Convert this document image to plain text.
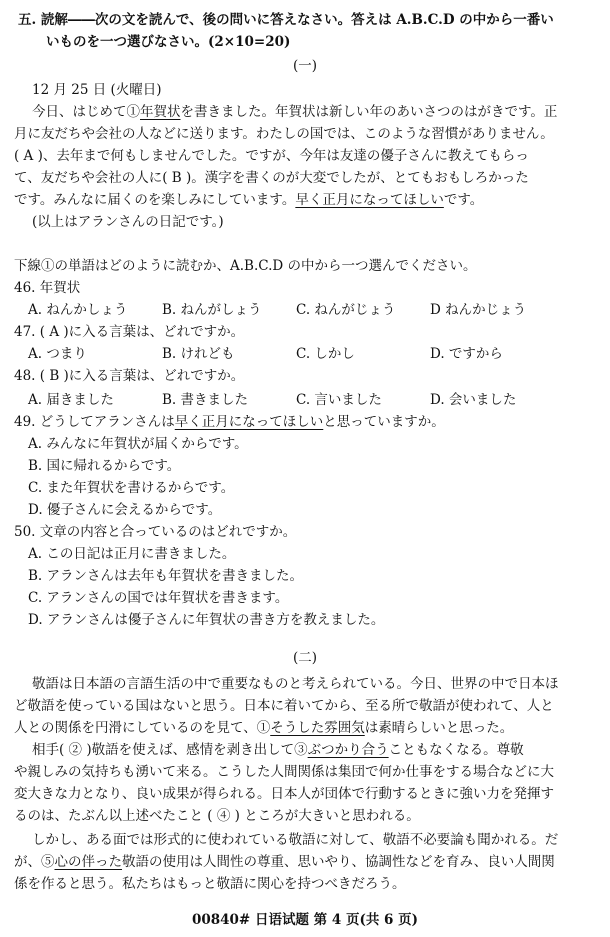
五. 読解――次の文を読んで、後の問いに答えなさい。答えは A.B.C.D の中から一番い
いものを一つ選びなさい。(2×10=20)
(一)
12 月 25 日 (火曜日)
今日、はじめて①年賀状を書きました。年賀状は新しい年のあいさつのはがきです。正
月に友だちや会社の人などに送ります。わたしの国では、このような習慣がありません。
( A )、去年まで何もしませんでした。ですが、今年は友達の優子さんに教えてもらっ
て、友だちや会社の人に( B )。漢字を書くのが大変でしたが、とてもおもしろかった
です。みんなに届くのを楽しみにしています。早く正月になってほしいです。
(以上はアランさんの日記です。)
下線①の単語はどのように読むか、A.B.C.D の中から一つ選んでください。
46. 年賀状
A. ねんかしょう	B. ねんがしょう	C. ねんがじょう	D ねんかじょう
47. ( A )に入る言葉は、どれですか。
A. つまり	B. けれども	C. しかし	D. ですから
48. ( B )に入る言葉は、どれですか。
A. 届きました	B. 書きました	C. 言いました	D. 会いました
49. どうしてアランさんは早く正月になってほしいと思っていますか。
A. みんなに年賀状が届くからです。
B. 国に帰れるからです。
C. また年賀状を書けるからです。
D. 優子さんに会えるからです。
50. 文章の内容と合っているのはどれですか。
A. この日記は正月に書きました。
B. アランさんは去年も年賀状を書きました。
C. アランさんの国では年賀状を書きます。
D. アランさんは優子さんに年賀状の書き方を教えました。
(二)
敬語は日本語の言語生活の中で重要なものと考えられている。今日、世界の中で日本ほ
ど敬語を使っている国はないと思う。日本に着いてから、至る所で敬語が使われて、人と
人との関係を円滑にしているのを見て、①そうした雰囲気は素晴らしいと思った。
相手( ② )敬語を使えば、感情を剥き出して③ぶつかり合うこともなくなる。尊敬
や親しみの気持ちも湧いて来る。こうした人間関係は集団で何か仕事をする場合などに大
変大きな力となり、良い成果が得られる。日本人が団体で行動するときに強い力を発揮す
るのは、たぶん以上述べたこと ( ④ ) ところが大きいと思われる。
しかし、ある面では形式的に使われている敬語に対して、敬語不必要論も聞かれる。だ
が、⑤心の伴った敬語の使用は人間性の尊重、思いやり、協調性などを育み、良い人間関
係を作ると思う。私たちはもっと敬語に関心を持つべきだろう。
00840# 日语试题 第 4 页(共 6 页)
